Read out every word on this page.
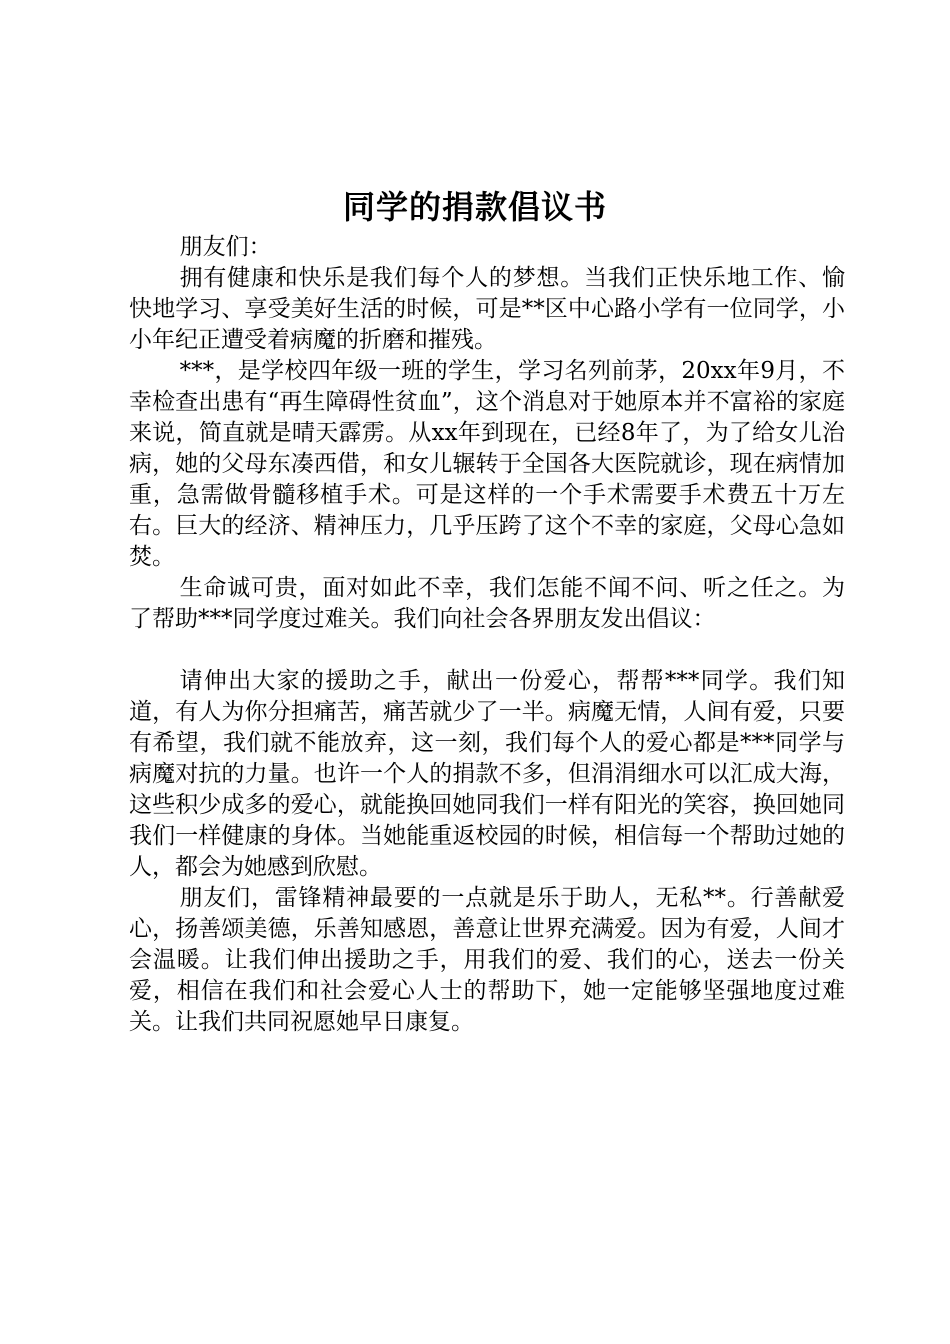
同学的捐款倡议书

朋友们：

拥有健康和快乐是我们每个人的梦想。当我们正快乐地工作、愉快地学习、享受美好生活的时候，可是**区中心路小学有一位同学，小小年纪正遭受着病魔的折磨和摧残。

***，是学校四年级一班的学生，学习名列前茅，20xx年9月，不幸检查出患有“再生障碍性贫血”，这个消息对于她原本并不富裕的家庭来说，简直就是晴天霹雳。从xx年到现在，已经8年了，为了给女儿治病，她的父母东凑西借，和女儿辗转于全国各大医院就诊，现在病情加重，急需做骨髓移植手术。可是这样的一个手术需要手术费五十万左右。巨大的经济、精神压力，几乎压跨了这个不幸的家庭，父母心急如焚。

生命诚可贵，面对如此不幸，我们怎能不闻不问、听之任之。为了帮助***同学度过难关。我们向社会各界朋友发出倡议：

请伸出大家的援助之手，献出一份爱心，帮帮***同学。我们知道，有人为你分担痛苦，痛苦就少了一半。病魔无情，人间有爱，只要有希望，我们就不能放弃，这一刻，我们每个人的爱心都是***同学与病魔对抗的力量。也许一个人的捐款不多，但涓涓细水可以汇成大海，这些积少成多的爱心，就能换回她同我们一样有阳光的笑容，换回她同我们一样健康的身体。当她能重返校园的时候，相信每一个帮助过她的人，都会为她感到欣慰。

朋友们，雷锋精神最要的一点就是乐于助人，无私**。行善献爱心，扬善颂美德，乐善知感恩，善意让世界充满爱。因为有爱，人间才会温暖。让我们伸出援助之手，用我们的爱、我们的心，送去一份关爱，相信在我们和社会爱心人士的帮助下，她一定能够坚强地度过难关。让我们共同祝愿她早日康复。
